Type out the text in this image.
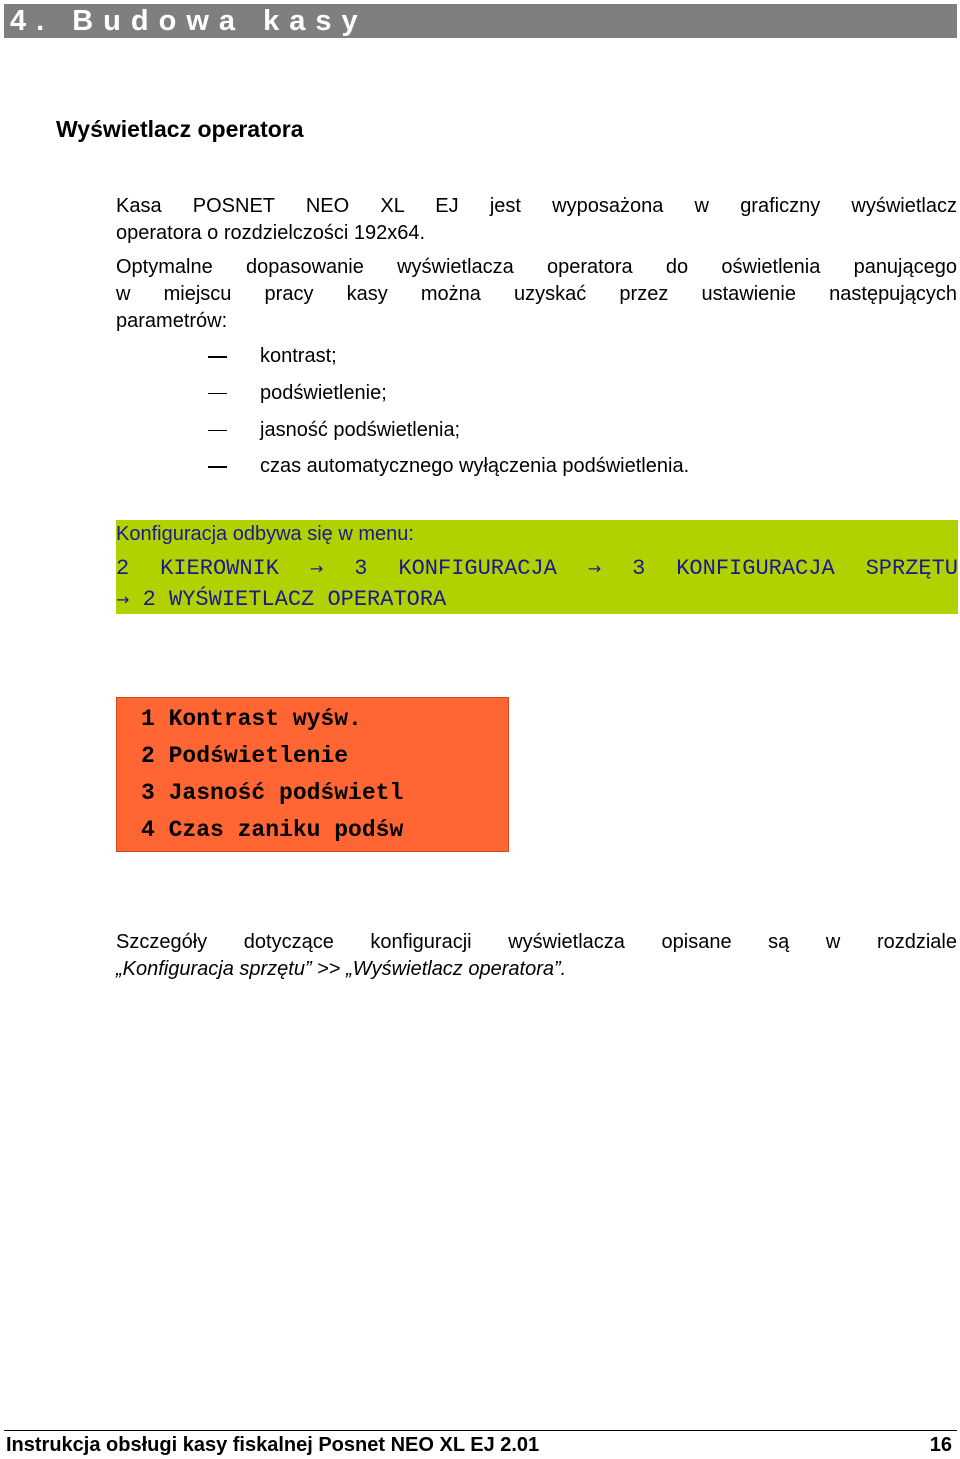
4. Budowa kasy
Wyświetlacz operatora
Kasa POSNET NEO XL EJ jest wyposażona w graficzny wyświetlacz
operatora o rozdzielczości 192x64.
Optymalne dopasowanie wyświetlacza operatora do oświetlenia panującego
w miejscu pracy kasy można uzyskać przez ustawienie następujących
parametrów:
kontrast;
podświetlenie;
jasność podświetlenia;
czas automatycznego wyłączenia podświetlenia.
Konfiguracja odbywa się w menu:
2 KIEROWNIK → 3 KONFIGURACJA → 3 KONFIGURACJA SPRZĘTU
→ 2 WYŚWIETLACZ OPERATORA
1 Kontrast wyśw.
2 Podświetlenie
3 Jasność podświetl
4 Czas zaniku podśw
Szczegóły dotyczące konfiguracji wyświetlacza opisane są w rozdziale
„Konfiguracja sprzętu” >> „Wyświetlacz operatora”.
Instrukcja obsługi kasy fiskalnej Posnet NEO XL EJ 2.01	16
